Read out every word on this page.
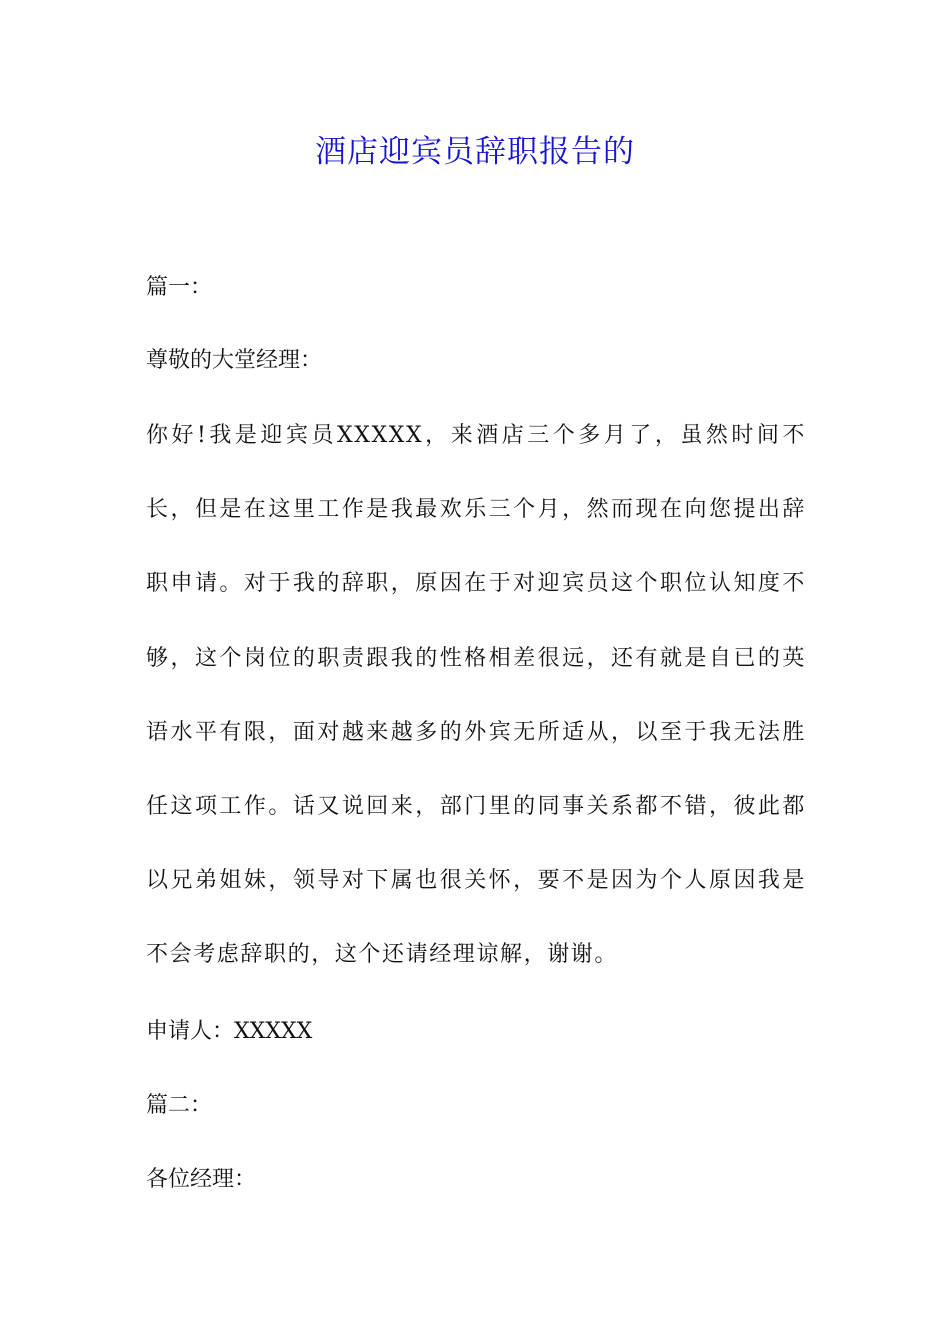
酒店迎宾员辞职报告的
篇一：
尊敬的大堂经理：
你好!我是迎宾员XXXXX，来酒店三个多月了，虽然时间不长，但是在这里工作是我最欢乐三个月，然而现在向您提出辞职申请。对于我的辞职，原因在于对迎宾员这个职位认知度不够，这个岗位的职责跟我的性格相差很远，还有就是自已的英语水平有限，面对越来越多的外宾无所适从，以至于我无法胜任这项工作。话又说回来，部门里的同事关系都不错，彼此都以兄弟姐妹，领导对下属也很关怀，要不是因为个人原因我是不会考虑辞职的，这个还请经理谅解，谢谢。
申请人：XXXXX
篇二：
各位经理：
